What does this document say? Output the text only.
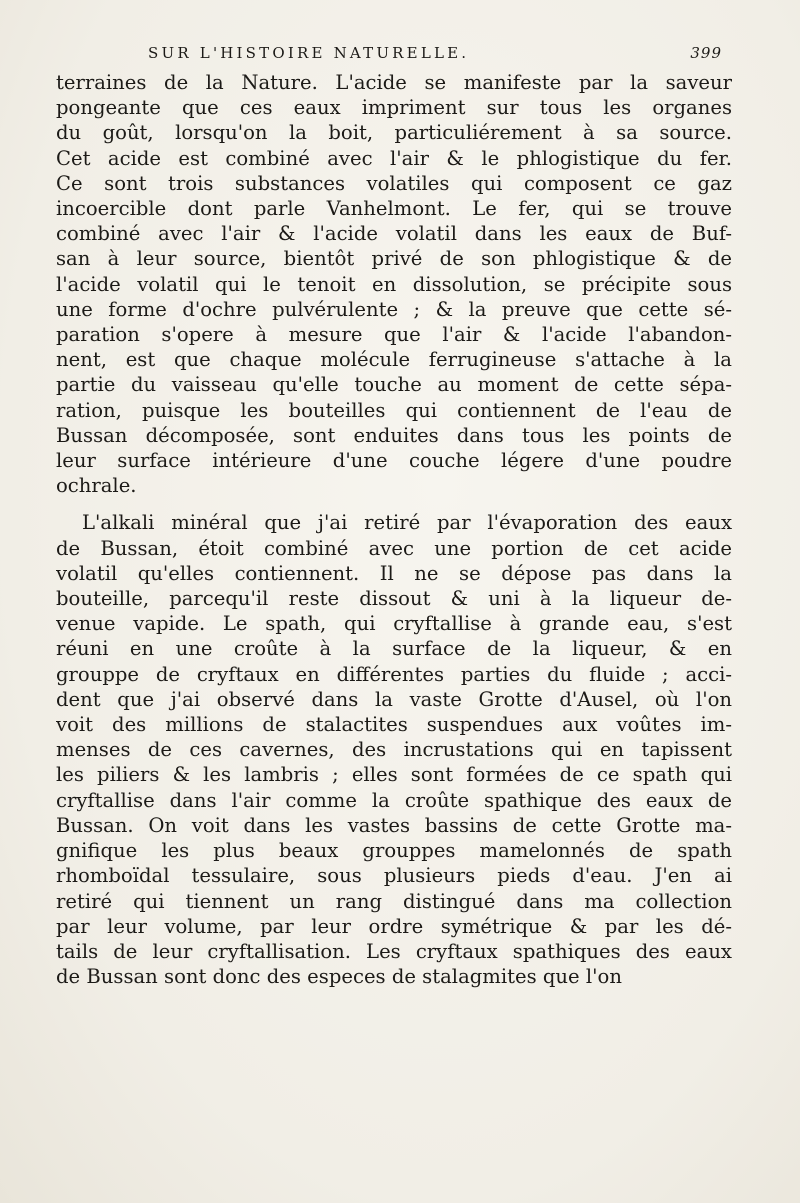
SUR L'HISTOIRE NATURELLE.	399
terraines de la Nature. L'acide se manifeste par la saveur
pongeante que ces eaux impriment sur tous les organes
du goût, lorsqu'on la boit, particuliérement à sa source.
Cet acide est combiné avec l'air & le phlogistique du fer.
Ce sont trois substances volatiles qui composent ce gaz
incoercible dont parle Vanhelmont. Le fer, qui se trouve
combiné avec l'air & l'acide volatil dans les eaux de Buf-
san à leur source, bientôt privé de son phlogistique & de
l'acide volatil qui le tenoit en dissolution, se précipite sous
une forme d'ochre pulvérulente ; & la preuve que cette sé-
paration s'opere à mesure que l'air & l'acide l'abandon-
nent, est que chaque molécule ferrugineuse s'attache à la
partie du vaisseau qu'elle touche au moment de cette sépa-
ration, puisque les bouteilles qui contiennent de l'eau de
Bussan décomposée, sont enduites dans tous les points de
leur surface intérieure d'une couche légere d'une poudre
ochrale.
L'alkali minéral que j'ai retiré par l'évaporation des eaux
de Bussan, étoit combiné avec une portion de cet acide
volatil qu'elles contiennent. Il ne se dépose pas dans la
bouteille, parcequ'il reste dissout & uni à la liqueur de-
venue vapide. Le spath, qui cryftallise à grande eau, s'est
réuni en une croûte à la surface de la liqueur, & en
grouppe de cryftaux en différentes parties du fluide ; acci-
dent que j'ai observé dans la vaste Grotte d'Ausel, où l'on
voit des millions de stalactites suspendues aux voûtes im-
menses de ces cavernes, des incrustations qui en tapissent
les piliers & les lambris ; elles sont formées de ce spath qui
cryftallise dans l'air comme la croûte spathique des eaux de
Bussan. On voit dans les vastes bassins de cette Grotte ma-
gnifique les plus beaux grouppes mamelonnés de spath
rhomboïdal tessulaire, sous plusieurs pieds d'eau. J'en ai
retiré qui tiennent un rang distingué dans ma collection
par leur volume, par leur ordre symétrique & par les dé-
tails de leur cryftallisation. Les cryftaux spathiques des eaux
de Bussan sont donc des especes de stalagmites que l'on
